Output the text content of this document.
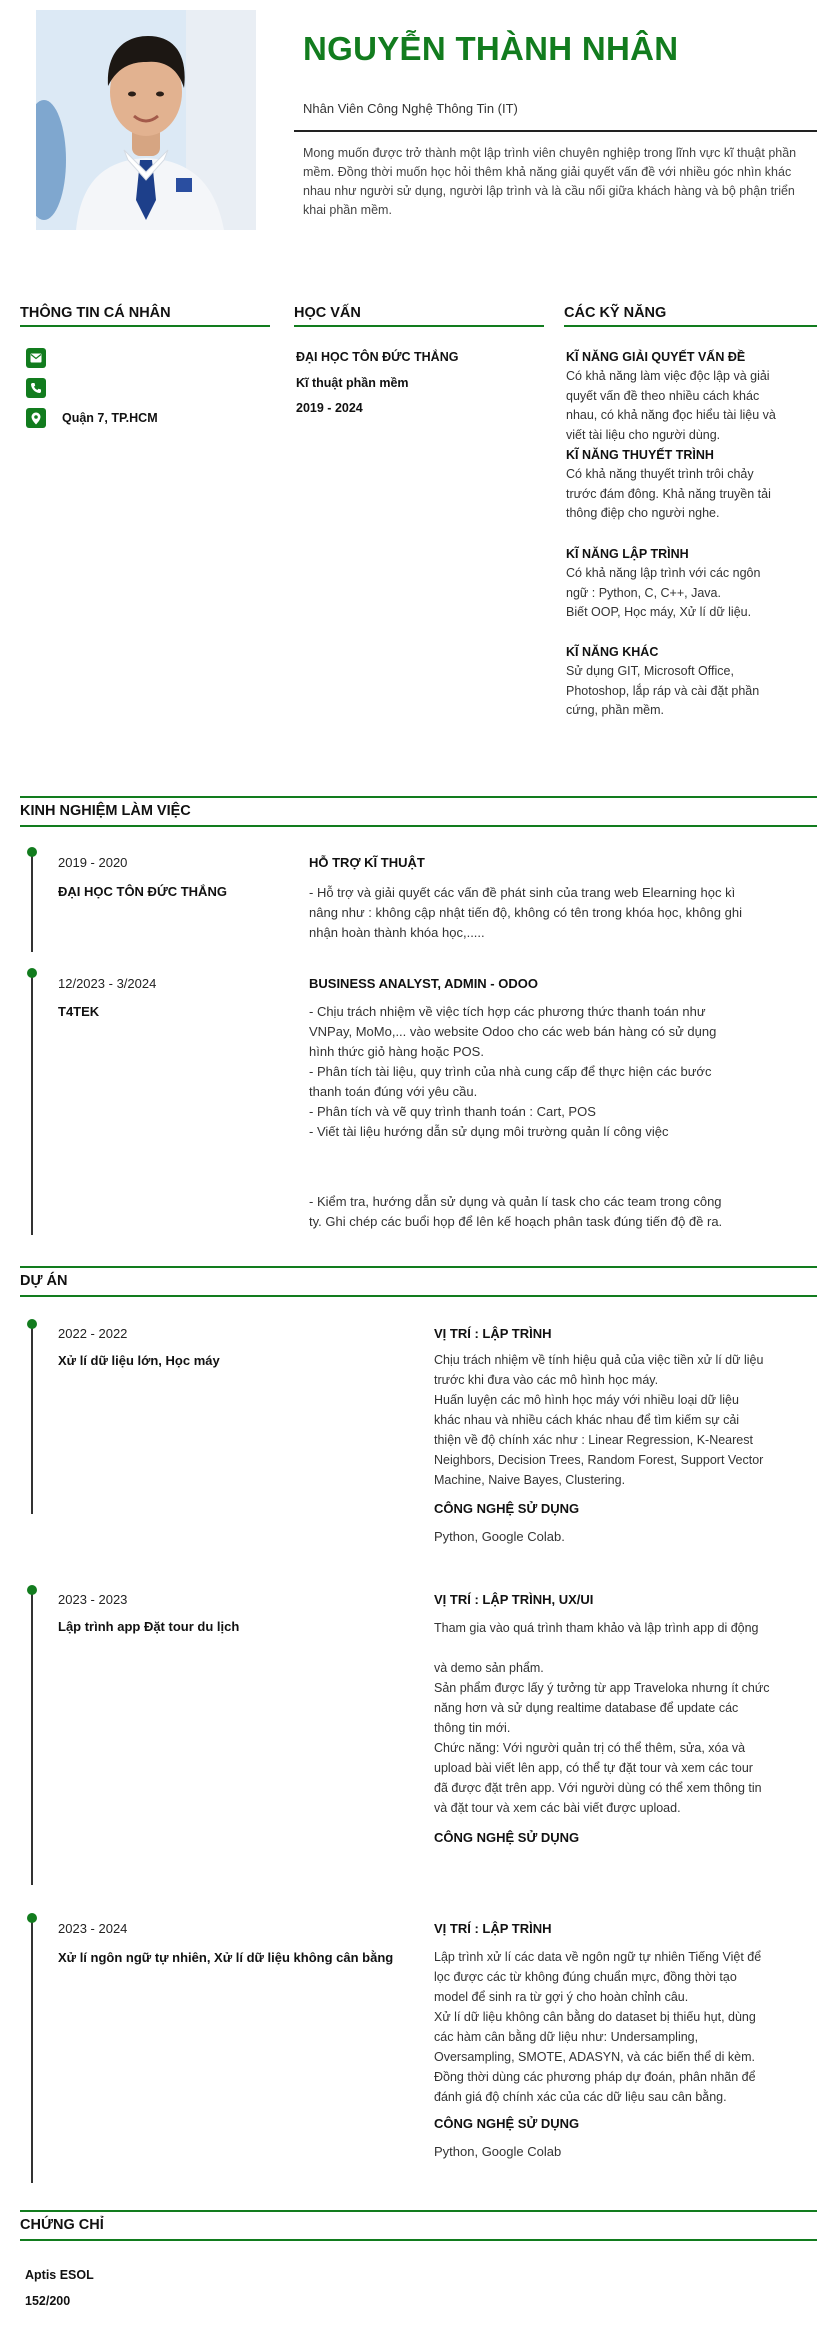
NGUYỄN THÀNH NHÂN
Nhân Viên Công Nghệ Thông Tin (IT)
Mong muốn được trở thành một lập trình viên chuyên nghiệp trong lĩnh vực kĩ thuật phần mềm. Đồng thời muốn học hỏi thêm khả năng giải quyết vấn đề với nhiều góc nhìn khác nhau như người sử dụng, người lập trình và là cầu nối giữa khách hàng và bộ phận triển khai phần mềm.
THÔNG TIN CÁ NHÂN	HỌC VẤN	CÁC KỸ NĂNG
Quận 7, TP.HCM
ĐẠI HỌC TÔN ĐỨC THẮNG
Kĩ thuật phần mềm
2019 - 2024
KĨ NĂNG GIẢI QUYẾT VẤN ĐỀ
Có khả năng làm việc độc lập và giải
quyết vấn đề theo nhiều cách khác
nhau, có khả năng đọc hiểu tài liệu và
viết tài liệu cho người dùng.
KĨ NĂNG THUYẾT TRÌNH
Có khả năng thuyết trình trôi chảy
trước đám đông. Khả năng truyền tải
thông điệp cho người nghe.
KĨ NĂNG LẬP TRÌNH
Có khả năng lập trình với các ngôn
ngữ : Python, C, C++, Java.
Biết OOP, Học máy, Xử lí dữ liệu.
KĨ NĂNG KHÁC
Sử dụng GIT, Microsoft Office,
Photoshop, lắp ráp và cài đặt phần
cứng, phần mềm.
KINH NGHIỆM LÀM VIỆC
2019 - 2020
ĐẠI HỌC TÔN ĐỨC THẮNG
HỖ TRỢ KĨ THUẬT
- Hỗ trợ và giải quyết các vấn đề phát sinh của trang web Elearning học kì
nâng như : không cập nhật tiến độ, không có tên trong khóa học, không ghi
nhận hoàn thành khóa học,.....
12/2023 - 3/2024
T4TEK
BUSINESS ANALYST, ADMIN - ODOO
- Chịu trách nhiệm về việc tích hợp các phương thức thanh toán như
VNPay, MoMo,... vào website Odoo cho các web bán hàng có sử dụng
hình thức giỏ hàng hoặc POS.
- Phân tích tài liệu, quy trình của nhà cung cấp để thực hiện các bước
thanh toán đúng với yêu cầu.
- Phân tích và vẽ quy trình thanh toán : Cart, POS
- Viết tài liệu hướng dẫn sử dụng môi trường quản lí công việc
- Kiểm tra, hướng dẫn sử dụng và quản lí task cho các team trong công
ty. Ghi chép các buổi họp để lên kế hoạch phân task đúng tiến độ đề ra.
DỰ ÁN
2022 - 2022
Xử lí dữ liệu lớn, Học máy
VỊ TRÍ : LẬP TRÌNH
Chịu trách nhiệm về tính hiệu quả của việc tiền xử lí dữ liệu
trước khi đưa vào các mô hình học máy.
Huấn luyện các mô hình học máy với nhiều loại dữ liệu
khác nhau và nhiều cách khác nhau để tìm kiếm sự cải
thiện về độ chính xác như : Linear Regression, K-Nearest
Neighbors, Decision Trees, Random Forest, Support Vector
Machine, Naive Bayes, Clustering.
CÔNG NGHỆ SỬ DỤNG
Python, Google Colab.
2023 - 2023
Lập trình app Đặt tour du lịch
VỊ TRÍ : LẬP TRÌNH, UX/UI
Tham gia vào quá trình tham khảo và lập trình app di động
và demo sản phẩm.
Sản phẩm được lấy ý tưởng từ app Traveloka nhưng ít chức
năng hơn và sử dụng realtime database để update các
thông tin mới.
Chức năng: Với người quản trị có thể thêm, sửa, xóa và
upload bài viết lên app, có thể tự đặt tour và xem các tour
đã được đặt trên app. Với người dùng có thể xem thông tin
và đặt tour và xem các bài viết được upload.
CÔNG NGHỆ SỬ DỤNG
2023 - 2024
Xử lí ngôn ngữ tự nhiên, Xử lí dữ liệu không cân bằng
VỊ TRÍ : LẬP TRÌNH
Lập trình xử lí các data về ngôn ngữ tự nhiên Tiếng Việt để
lọc được các từ không đúng chuẩn mực, đồng thời tạo
model để sinh ra từ gợi ý cho hoàn chỉnh câu.
Xử lí dữ liệu không cân bằng do dataset bị thiếu hụt, dùng
các hàm cân bằng dữ liệu như: Undersampling,
Oversampling, SMOTE, ADASYN, và các biến thể di kèm.
Đồng thời dùng các phương pháp dự đoán, phân nhãn để
đánh giá độ chính xác của các dữ liệu sau cân bằng.
CÔNG NGHỆ SỬ DỤNG
Python, Google Colab
CHỨNG CHỈ
Aptis ESOL
152/200
